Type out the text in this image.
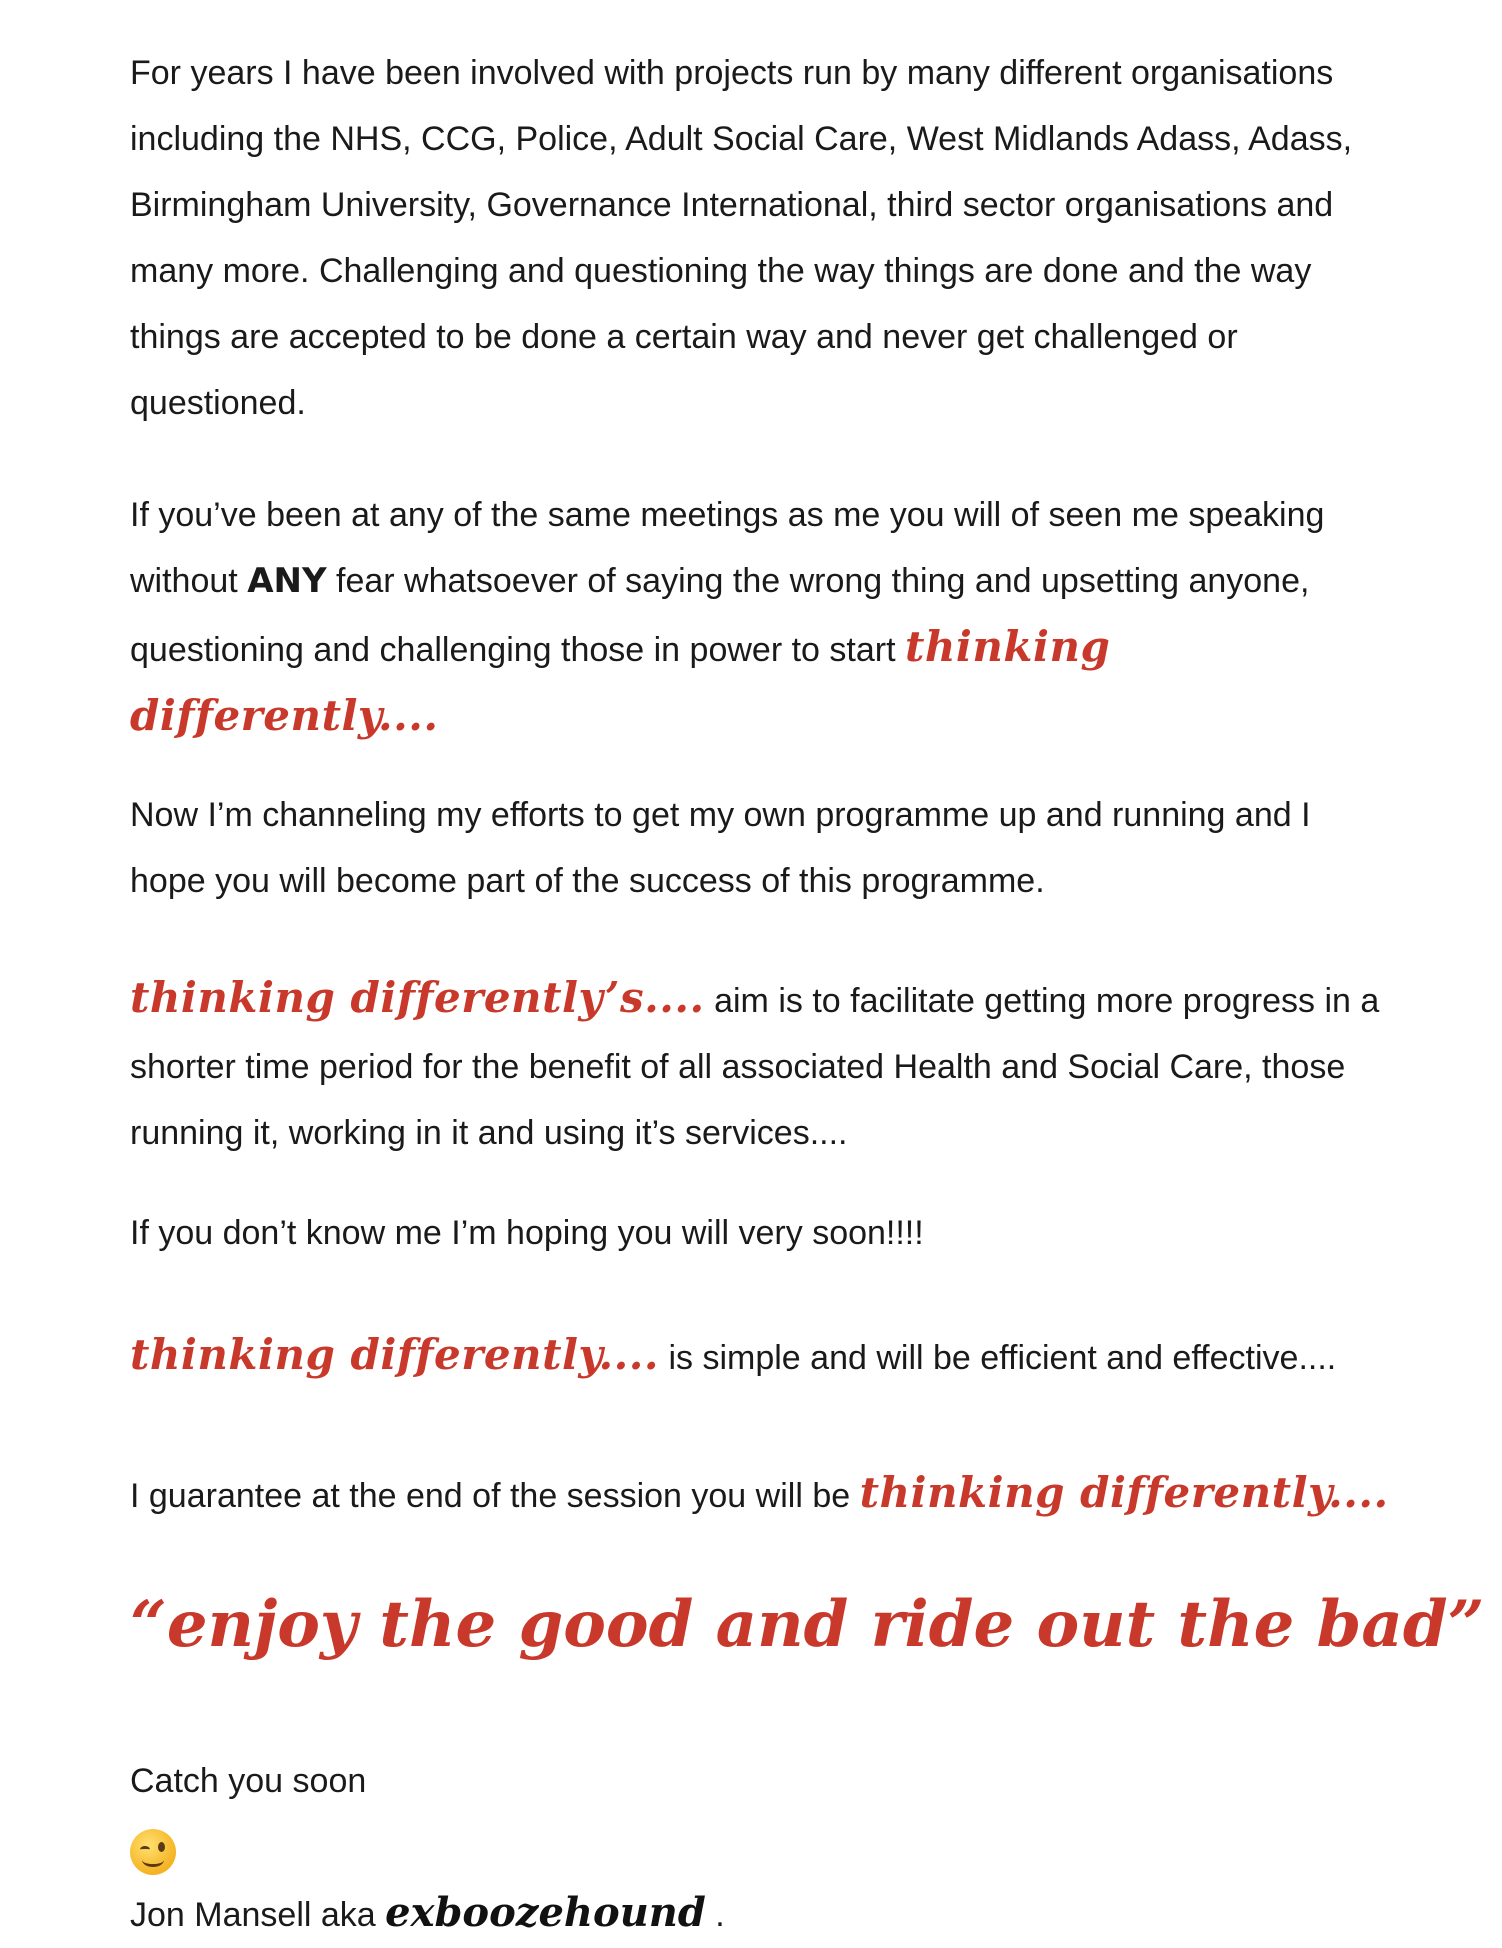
For years I have been involved with projects run by many different organisations including the NHS, CCG, Police, Adult Social Care, West Midlands Adass, Adass, Birmingham University, Governance International, third sector organisations and many more. Challenging and questioning the way things are done and the way things are accepted to be done a certain way and never get challenged or questioned.

If you’ve been at any of the same meetings as me you will of seen me speaking without ANY fear whatsoever of saying the wrong thing and upsetting anyone, questioning and challenging those in power to start thinking differently....

Now I’m channeling my efforts to get my own programme up and running and I hope you will become part of the success of this programme.

thinking differently’s.... aim is to facilitate getting more progress in a shorter time period for the benefit of all associated Health and Social Care, those running it, working in it and using it’s services....

If you don’t know me I’m hoping you will very soon!!!!

thinking differently.... is simple and will be efficient and effective....

I guarantee at the end of the session you will be thinking differently....

“enjoy the good and ride out the bad”
Catch you soon
Jon Mansell aka exboozehound .
